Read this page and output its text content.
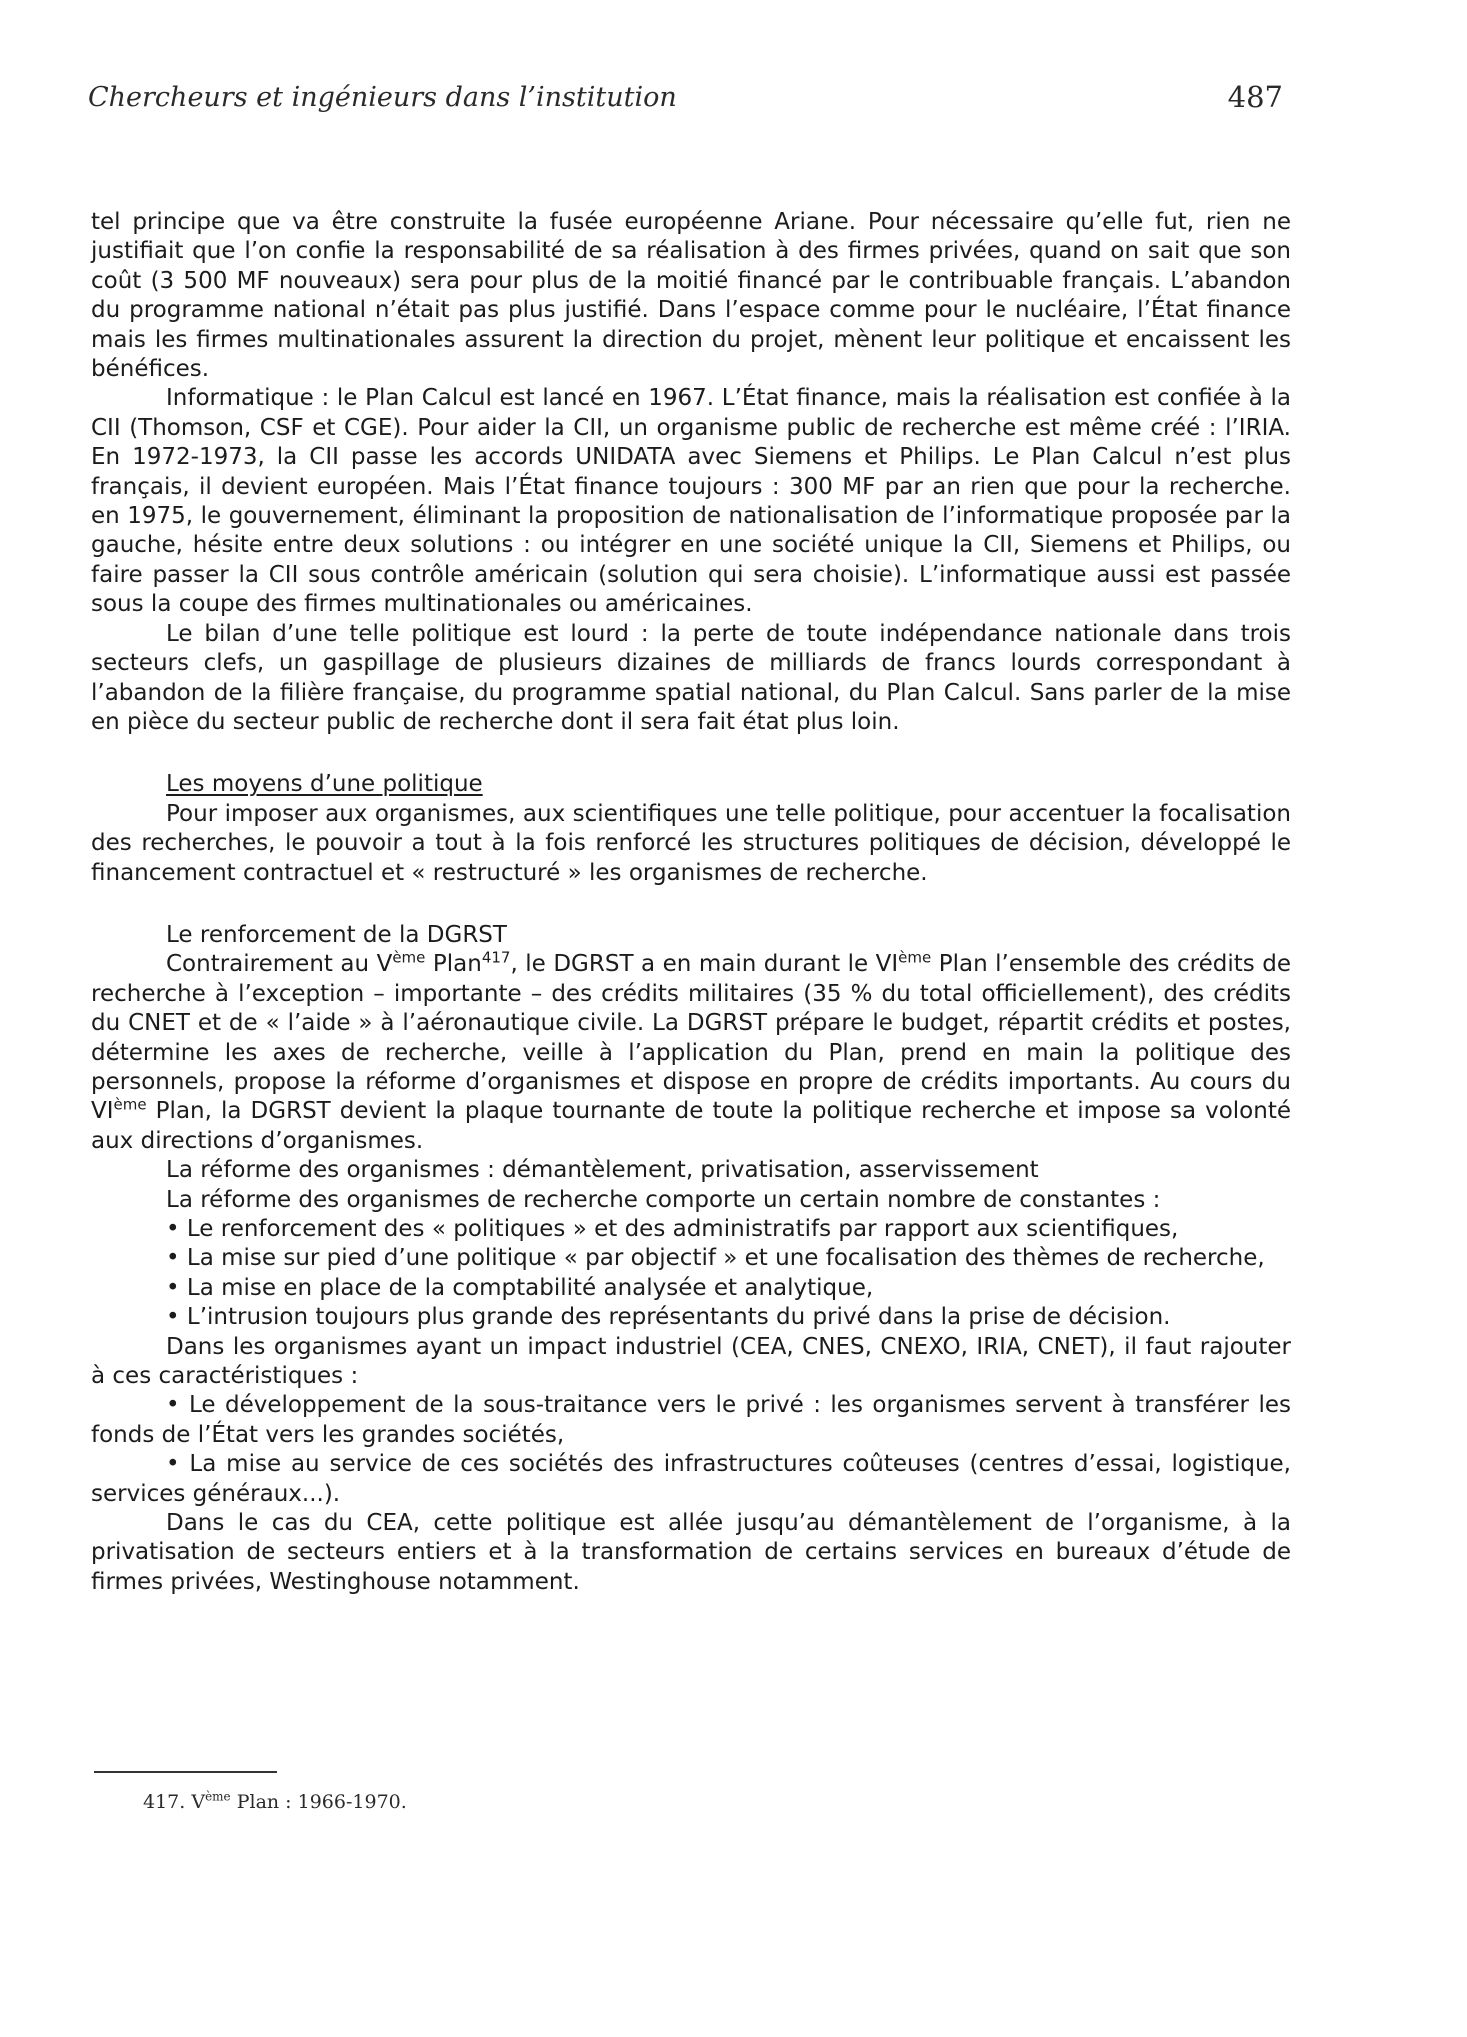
Chercheurs et ingénieurs dans l’institution	487

tel principe que va être construite la fusée européenne Ariane. Pour nécessaire qu’elle fut, rien ne justifiait que l’on confie la responsabilité de sa réalisation à des firmes privées, quand on sait que son coût (3 500 MF nouveaux) sera pour plus de la moitié financé par le contribuable français. L’abandon du programme national n’était pas plus justifié. Dans l’espace comme pour le nucléaire, l’État finance mais les firmes multinationales assurent la direction du projet, mènent leur politique et encaissent les bénéfices.

Informatique : le Plan Calcul est lancé en 1967. L’État finance, mais la réalisation est confiée à la CII (Thomson, CSF et CGE). Pour aider la CII, un organisme public de recherche est même créé : l’IRIA. En 1972-1973, la CII passe les accords UNIDATA avec Siemens et Philips. Le Plan Calcul n’est plus français, il devient européen. Mais l’État finance toujours : 300 MF par an rien que pour la recherche. en 1975, le gouvernement, éliminant la proposition de nationalisation de l’informatique proposée par la gauche, hésite entre deux solutions : ou intégrer en une société unique la CII, Siemens et Philips, ou faire passer la CII sous contrôle américain (solution qui sera choisie). L’informatique aussi est passée sous la coupe des firmes multinationales ou américaines.

Le bilan d’une telle politique est lourd : la perte de toute indépendance nationale dans trois secteurs clefs, un gaspillage de plusieurs dizaines de milliards de francs lourds correspondant à l’abandon de la filière française, du programme spatial national, du Plan Calcul. Sans parler de la mise en pièce du secteur public de recherche dont il sera fait état plus loin.

Les moyens d’une politique

Pour imposer aux organismes, aux scientifiques une telle politique, pour accentuer la focalisation des recherches, le pouvoir a tout à la fois renforcé les structures politiques de décision, développé le financement contractuel et « restructuré » les organismes de recherche.

Le renforcement de la DGRST

Contrairement au Vème Plan$^{417}$, le DGRST a en main durant le VIème Plan l’ensemble des crédits de recherche à l’exception – importante – des crédits militaires (35 % du total officiellement), des crédits du CNET et de « l’aide » à l’aéronautique civile. La DGRST prépare le budget, répartit crédits et postes, détermine les axes de recherche, veille à l’application du Plan, prend en main la politique des personnels, propose la réforme d’organismes et dispose en propre de crédits importants. Au cours du VIème Plan, la DGRST devient la plaque tournante de toute la politique recherche et impose sa volonté aux directions d’organismes.

La réforme des organismes : démantèlement, privatisation, asservissement

La réforme des organismes de recherche comporte un certain nombre de constantes :

• Le renforcement des « politiques » et des administratifs par rapport aux scientifiques,

• La mise sur pied d’une politique « par objectif » et une focalisation des thèmes de recherche,

• La mise en place de la comptabilité analysée et analytique,

• L’intrusion toujours plus grande des représentants du privé dans la prise de décision.

Dans les organismes ayant un impact industriel (CEA, CNES, CNEXO, IRIA, CNET), il faut rajouter à ces caractéristiques :

• Le développement de la sous-traitance vers le privé : les organismes servent à transférer les fonds de l’État vers les grandes sociétés,

• La mise au service de ces sociétés des infrastructures coûteuses (centres d’essai, logistique, services généraux...).

Dans le cas du CEA, cette politique est allée jusqu’au démantèlement de l’organisme, à la privatisation de secteurs entiers et à la transformation de certains services en bureaux d’étude de firmes privées, Westinghouse notamment.

417. Vème Plan : 1966-1970.
